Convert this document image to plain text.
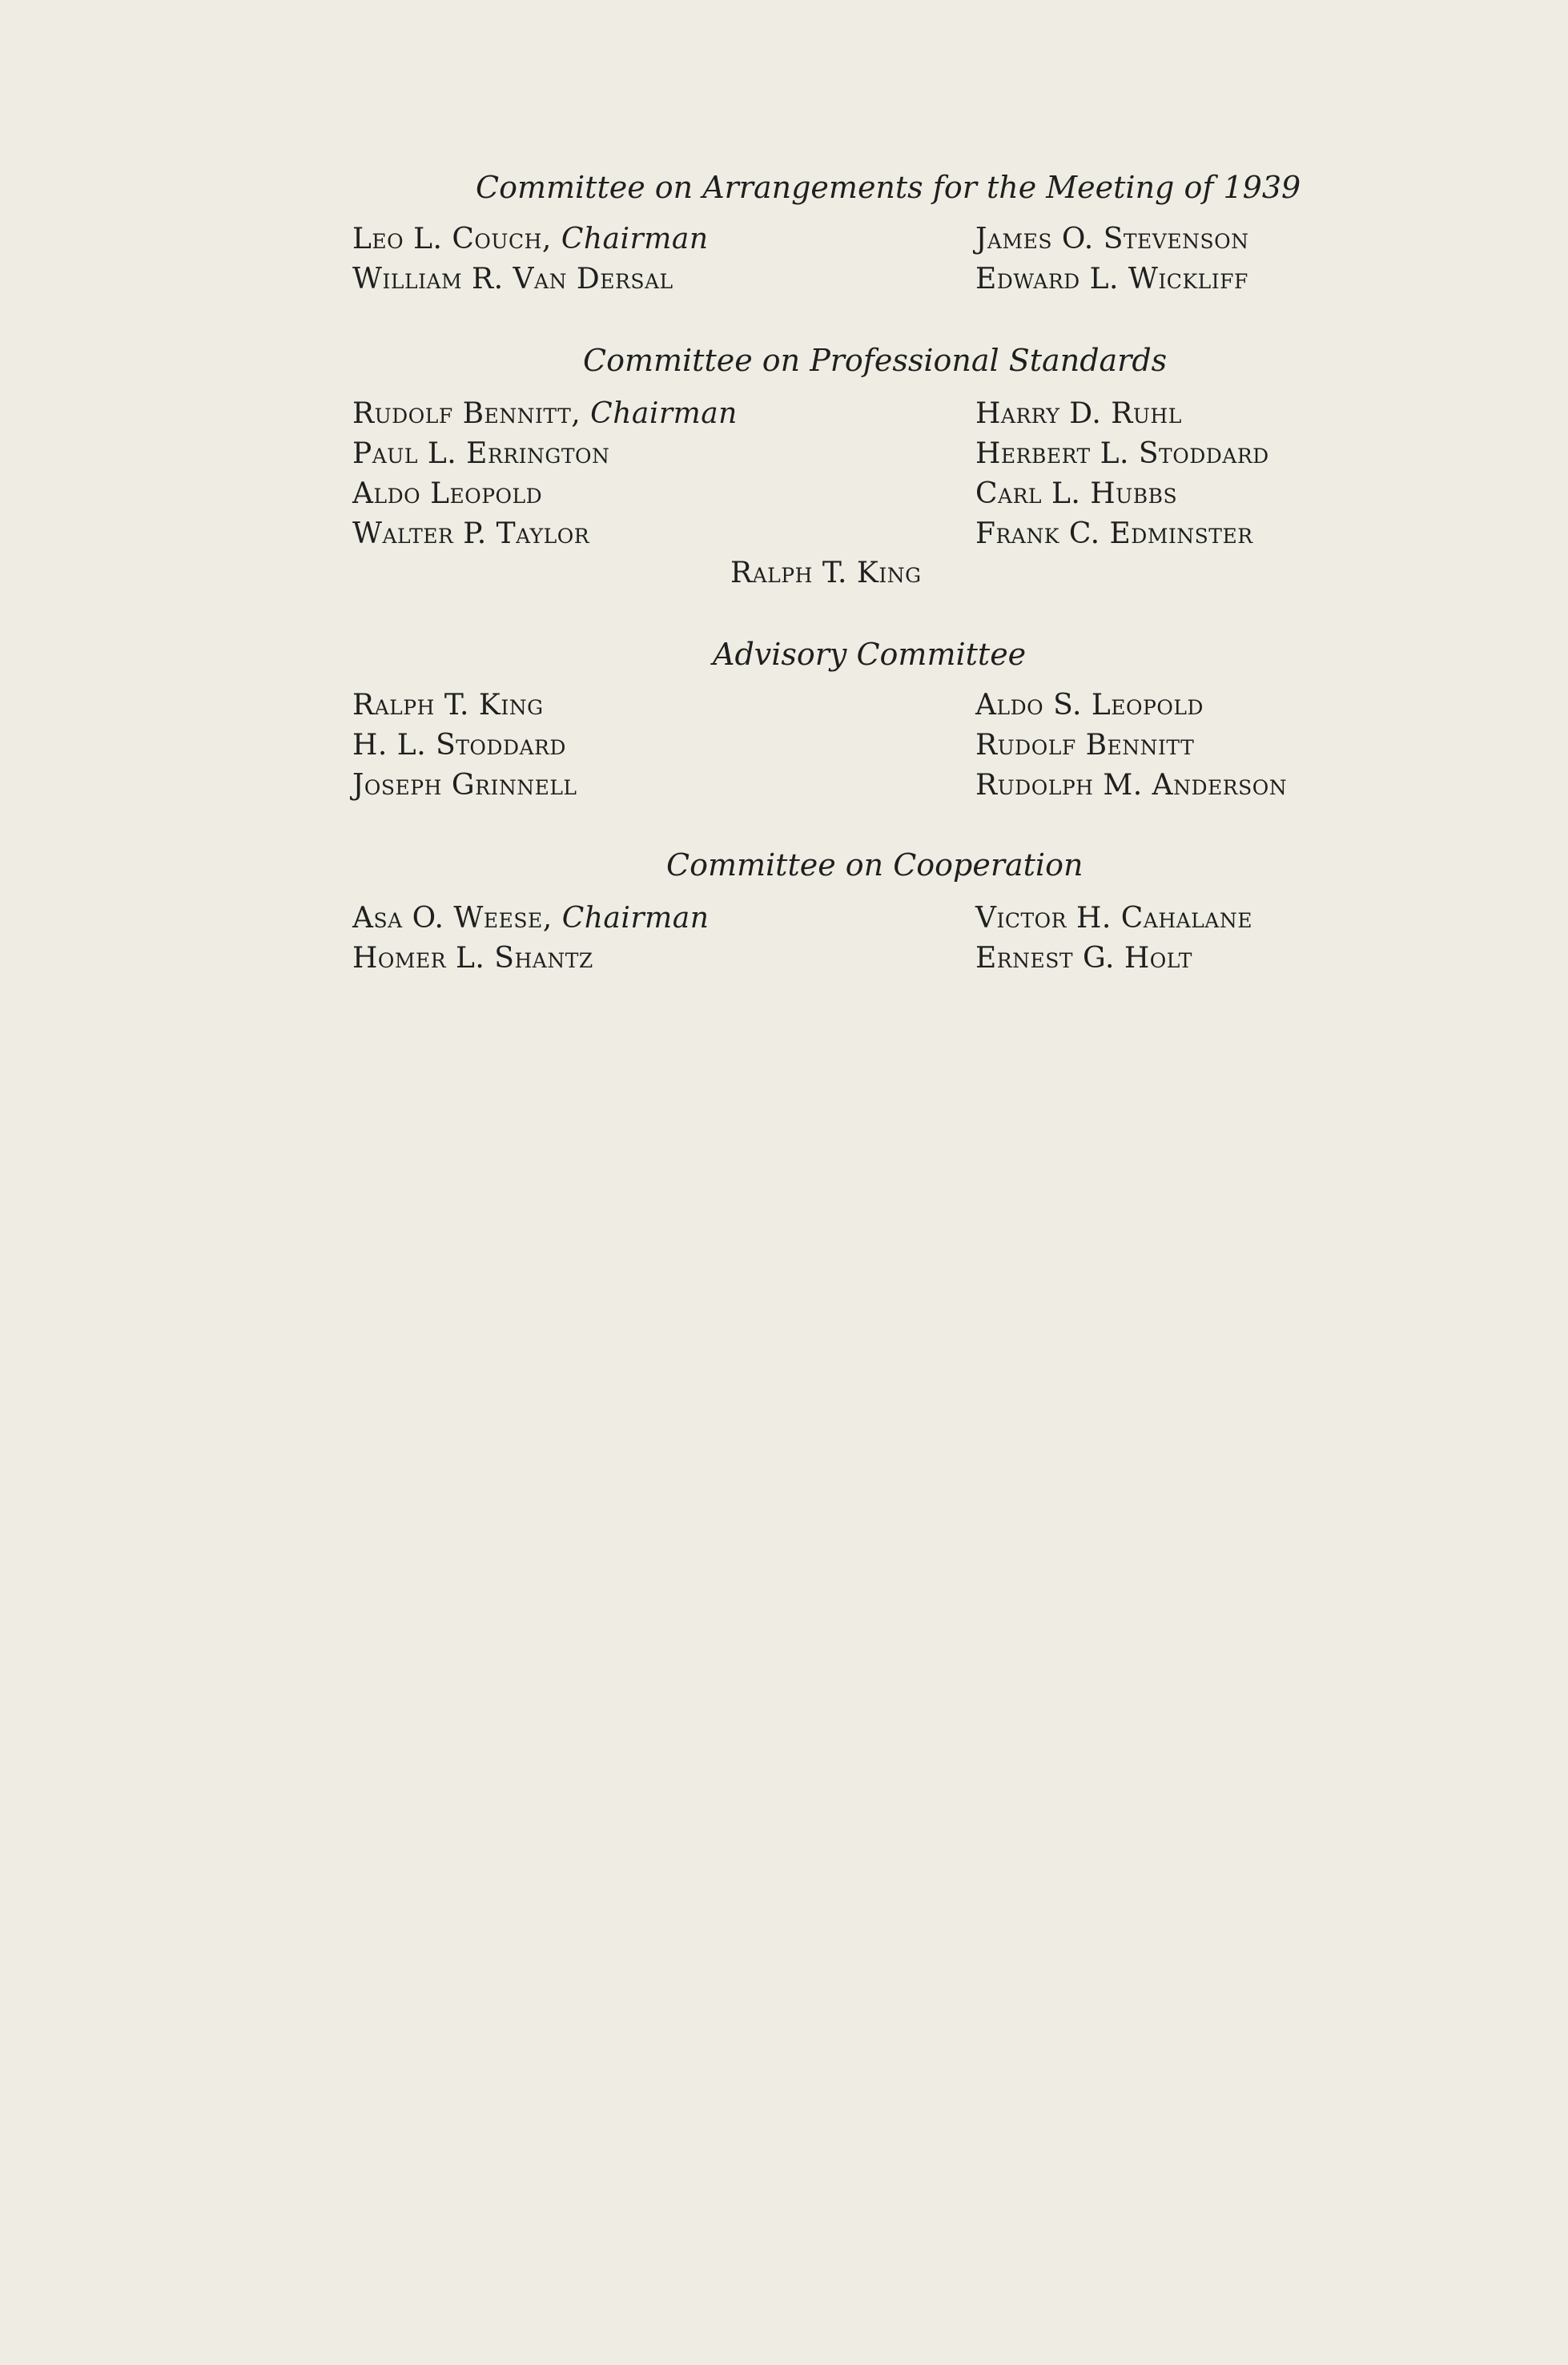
Committee on Arrangements for the Meeting of 1939
Leo L. Couch, Chairman
William R. Van Dersal
James O. Stevenson
Edward L. Wickliff
Committee on Professional Standards
Rudolf Bennitt, Chairman
Paul L. Errington
Aldo Leopold
Walter P. Taylor
Harry D. Ruhl
Herbert L. Stoddard
Carl L. Hubbs
Frank C. Edminster
Ralph T. King
Advisory Committee
Ralph T. King
H. L. Stoddard
Joseph Grinnell
Aldo S. Leopold
Rudolf Bennitt
Rudolph M. Anderson
Committee on Cooperation
Asa O. Weese, Chairman
Homer L. Shantz
Victor H. Cahalane
Ernest G. Holt
